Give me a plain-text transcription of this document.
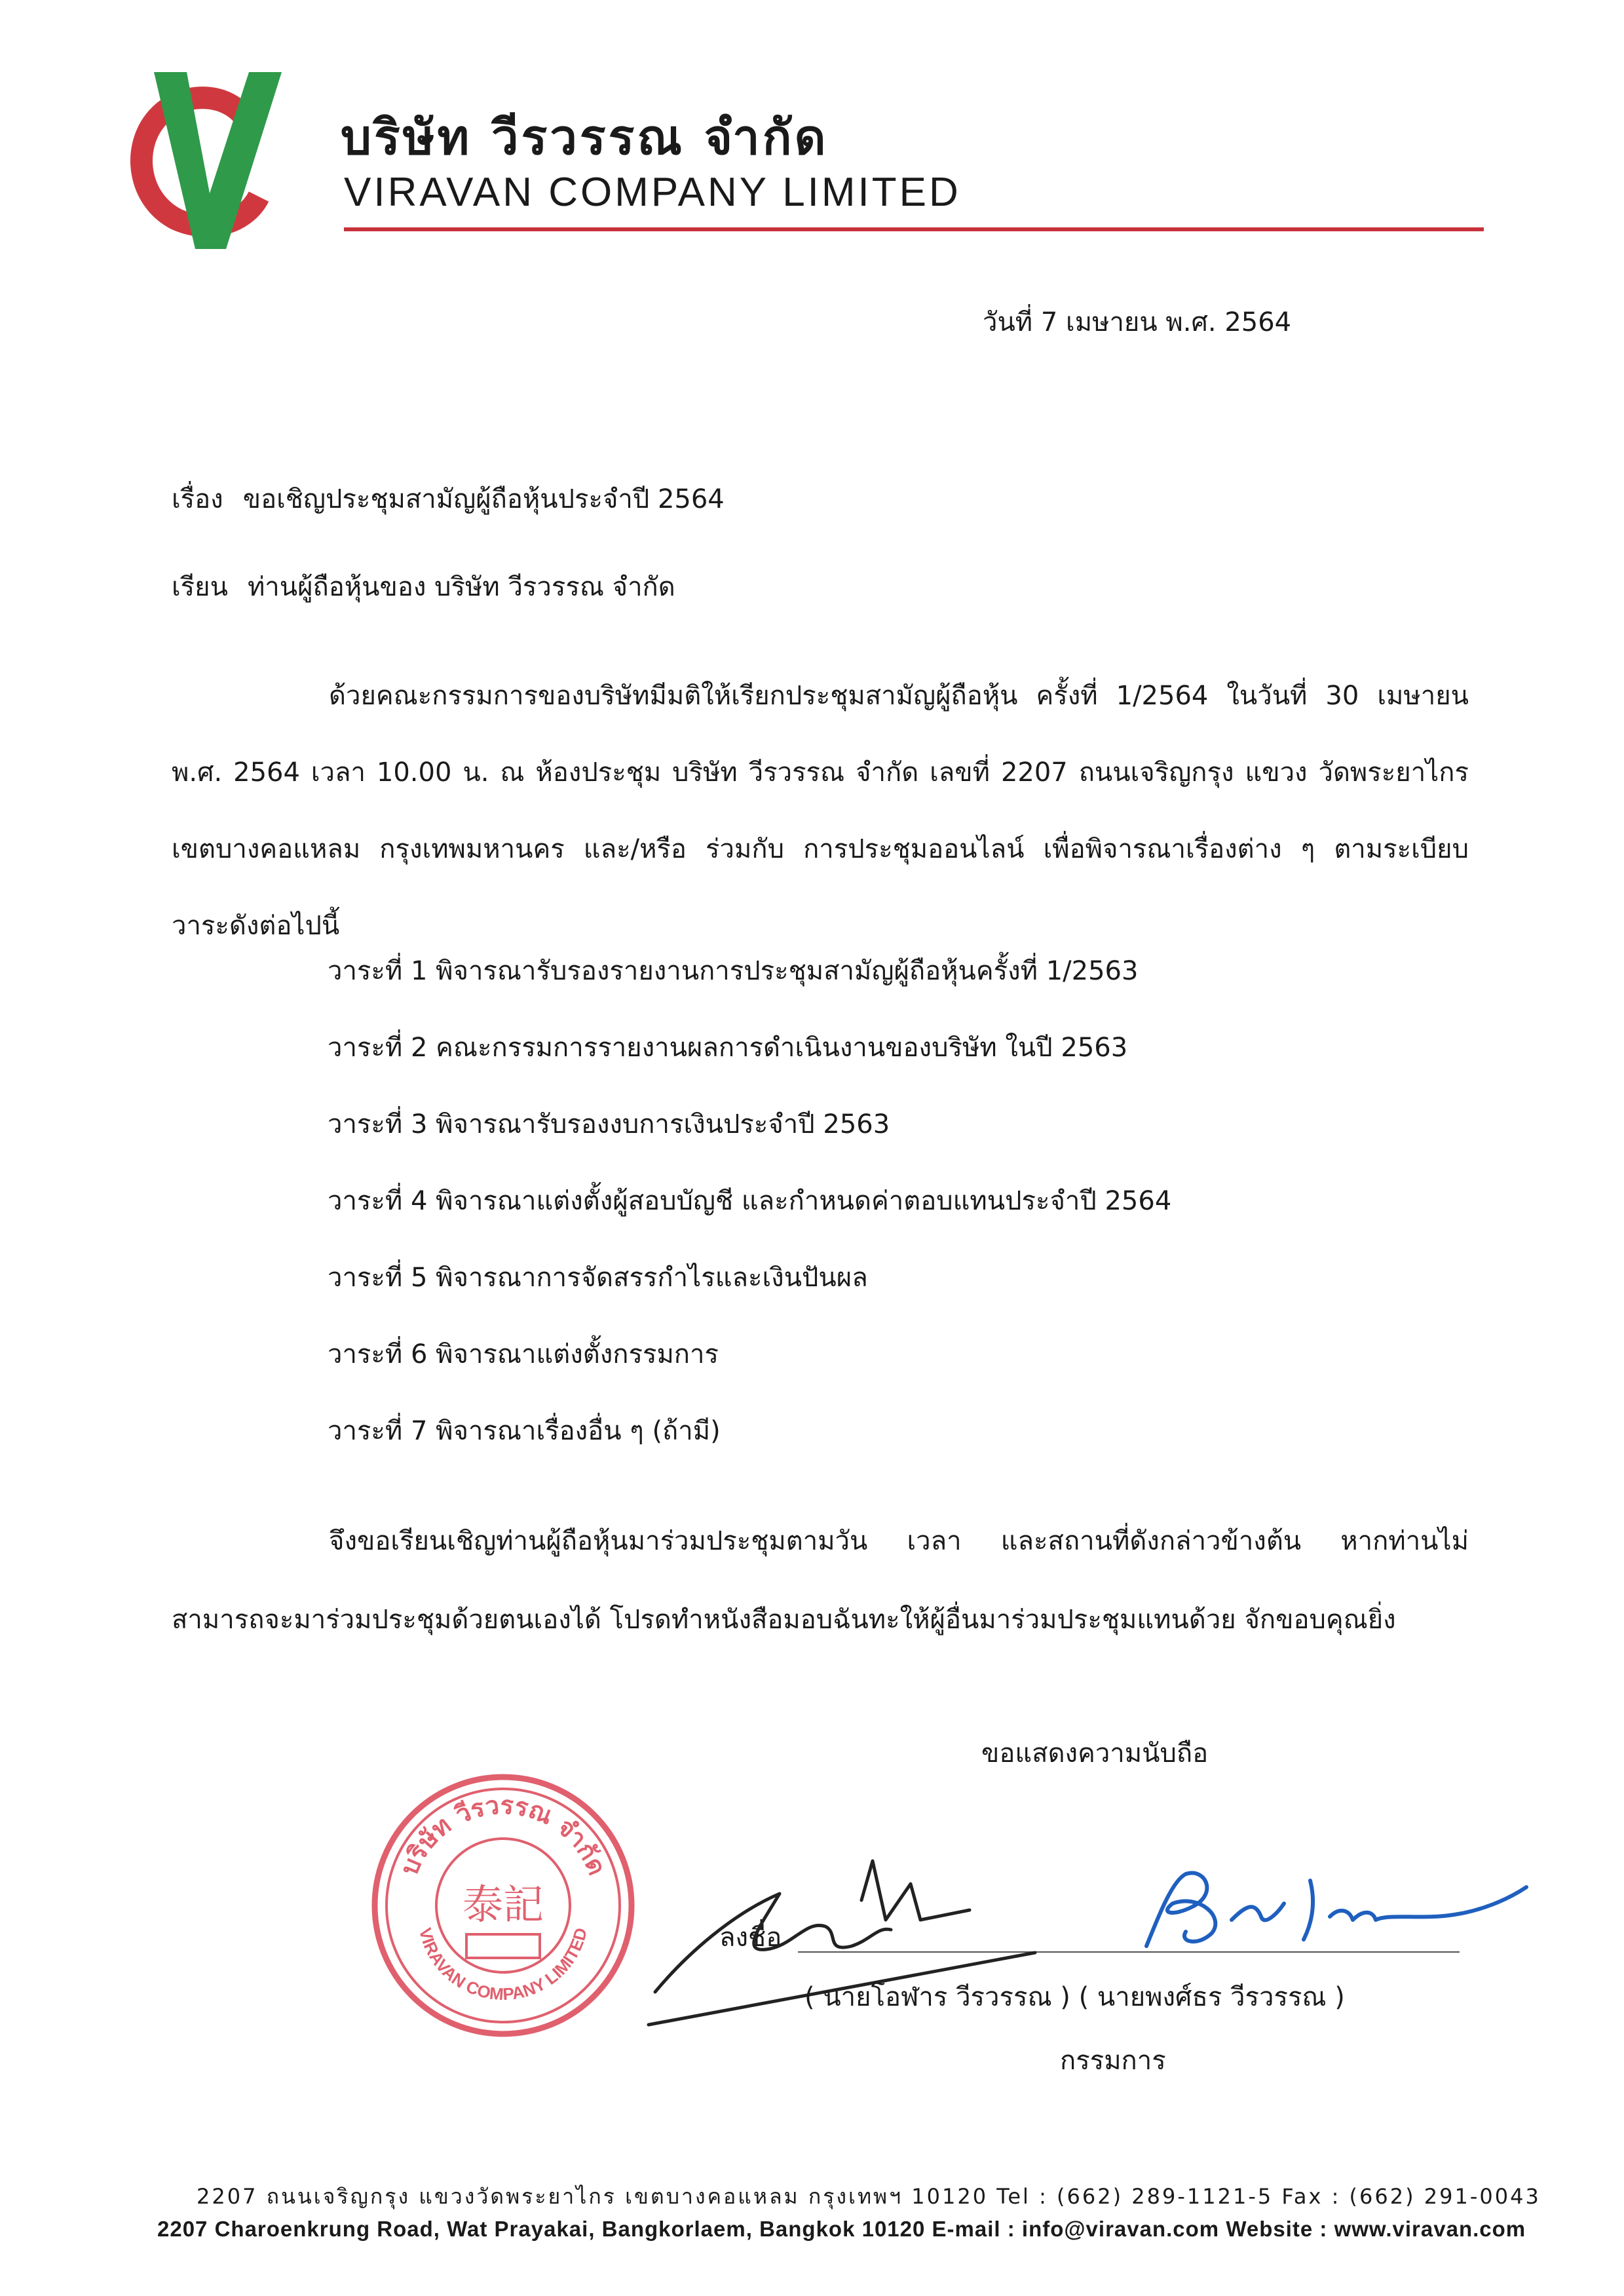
บริษัท วีรวรรณ จำกัด
VIRAVAN COMPANY LIMITED
วันที่ 7 เมษายน พ.ศ. 2564
เรื่อง ขอเชิญประชุมสามัญผู้ถือหุ้นประจำปี 2564
เรียน ท่านผู้ถือหุ้นของ บริษัท วีรวรรณ จำกัด
ด้วยคณะกรรมการของบริษัทมีมติให้เรียกประชุมสามัญผู้ถือหุ้น ครั้งที่ 1/2564 ในวันที่ 30 เมษายน
พ.ศ. 2564 เวลา 10.00 น. ณ ห้องประชุม บริษัท วีรวรรณ จำกัด เลขที่ 2207 ถนนเจริญกรุง แขวง วัดพระยาไกร
เขตบางคอแหลม กรุงเทพมหานคร และ/หรือ ร่วมกับ การประชุมออนไลน์ เพื่อพิจารณาเรื่องต่าง ๆ ตามระเบียบ
วาระดังต่อไปนี้
วาระที่ 1 พิจารณารับรองรายงานการประชุมสามัญผู้ถือหุ้นครั้งที่ 1/2563
วาระที่ 2 คณะกรรมการรายงานผลการดำเนินงานของบริษัท ในปี 2563
วาระที่ 3 พิจารณารับรองงบการเงินประจำปี 2563
วาระที่ 4 พิจารณาแต่งตั้งผู้สอบบัญชี และกำหนดค่าตอบแทนประจำปี 2564
วาระที่ 5 พิจารณาการจัดสรรกำไรและเงินปันผล
วาระที่ 6 พิจารณาแต่งตั้งกรรมการ
วาระที่ 7 พิจารณาเรื่องอื่น ๆ (ถ้ามี)
จึงขอเรียนเชิญท่านผู้ถือหุ้นมาร่วมประชุมตามวัน เวลา และสถานที่ดังกล่าวข้างต้น หากท่านไม่
สามารถจะมาร่วมประชุมด้วยตนเองได้ โปรดทำหนังสือมอบฉันทะให้ผู้อื่นมาร่วมประชุมแทนด้วย จักขอบคุณยิ่ง
ขอแสดงความนับถือ
บริษัท วีรวรรณ จำกัด
VIRAVAN COMPANY LIMITED
泰記
ลงชื่อ
( นายโอฬาร วีรวรรณ ) ( นายพงศ์ธร วีรวรรณ )
กรรมการ
2207 ถนนเจริญกรุง แขวงวัดพระยาไกร เขตบางคอแหลม กรุงเทพฯ 10120 Tel : (662) 289-1121-5 Fax : (662) 291-0043
2207 Charoenkrung Road, Wat Prayakai, Bangkorlaem, Bangkok 10120 E-mail : info@viravan.com Website : www.viravan.com
